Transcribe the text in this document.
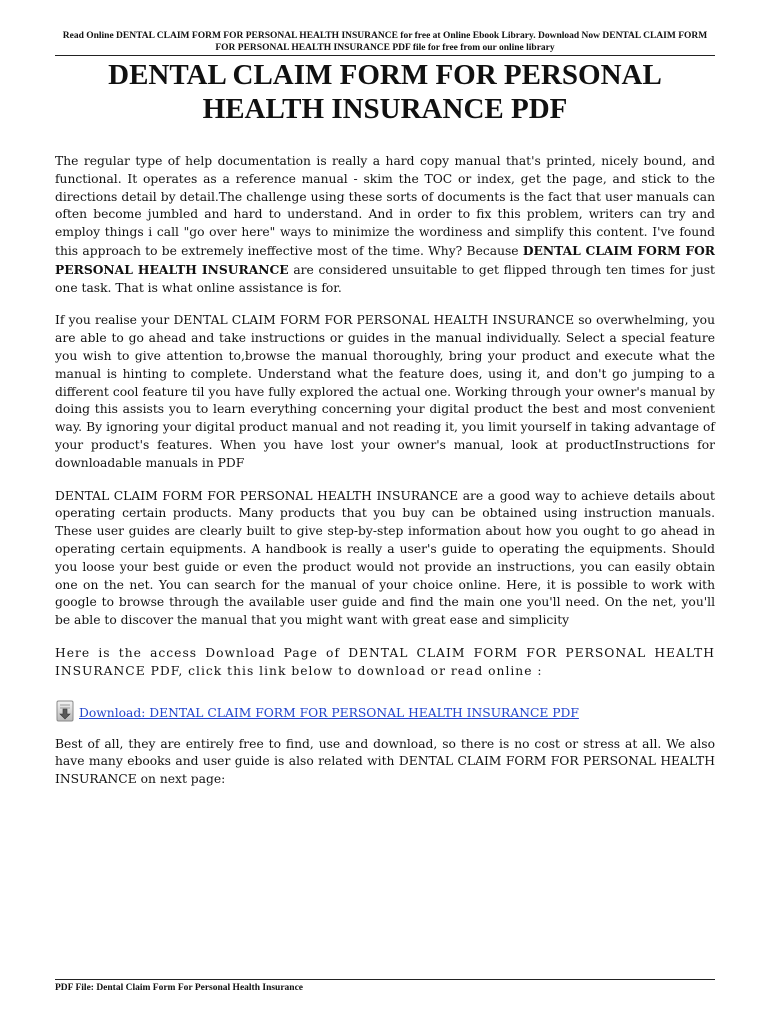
Read Online DENTAL CLAIM FORM FOR PERSONAL HEALTH INSURANCE for free at Online Ebook Library. Download Now DENTAL CLAIM FORM FOR PERSONAL HEALTH INSURANCE PDF file for free from our online library
DENTAL CLAIM FORM FOR PERSONAL HEALTH INSURANCE PDF

The regular type of help documentation is really a hard copy manual that's printed, nicely bound, and functional. It operates as a reference manual - skim the TOC or index, get the page, and stick to the directions detail by detail.The challenge using these sorts of documents is the fact that user manuals can often become jumbled and hard to understand. And in order to fix this problem, writers can try and employ things i call "go over here" ways to minimize the wordiness and simplify this content. I've found this approach to be extremely ineffective most of the time. Why? Because DENTAL CLAIM FORM FOR PERSONAL HEALTH INSURANCE are considered unsuitable to get flipped through ten times for just one task. That is what online assistance is for.

If you realise your DENTAL CLAIM FORM FOR PERSONAL HEALTH INSURANCE so overwhelming, you are able to go ahead and take instructions or guides in the manual individually. Select a special feature you wish to give attention to,browse the manual thoroughly, bring your product and execute what the manual is hinting to complete. Understand what the feature does, using it, and don't go jumping to a different cool feature til you have fully explored the actual one. Working through your owner's manual by doing this assists you to learn everything concerning your digital product the best and most convenient way. By ignoring your digital product manual and not reading it, you limit yourself in taking advantage of your product's features. When you have lost your owner's manual, look at productInstructions for downloadable manuals in PDF

DENTAL CLAIM FORM FOR PERSONAL HEALTH INSURANCE are a good way to achieve details about operating certain products. Many products that you buy can be obtained using instruction manuals. These user guides are clearly built to give step-by-step information about how you ought to go ahead in operating certain equipments. A handbook is really a user's guide to operating the equipments. Should you loose your best guide or even the product would not provide an instructions, you can easily obtain one on the net. You can search for the manual of your choice online. Here, it is possible to work with google to browse through the available user guide and find the main one you'll need. On the net, you'll be able to discover the manual that you might want with great ease and simplicity

Here is the access Download Page of DENTAL CLAIM FORM FOR PERSONAL HEALTH INSURANCE PDF, click this link below to download or read online :

Download: DENTAL CLAIM FORM FOR PERSONAL HEALTH INSURANCE PDF

Best of all, they are entirely free to find, use and download, so there is no cost or stress at all. We also have many ebooks and user guide is also related with DENTAL CLAIM FORM FOR PERSONAL HEALTH INSURANCE on next page:

PDF File: Dental Claim Form For Personal Health Insurance
